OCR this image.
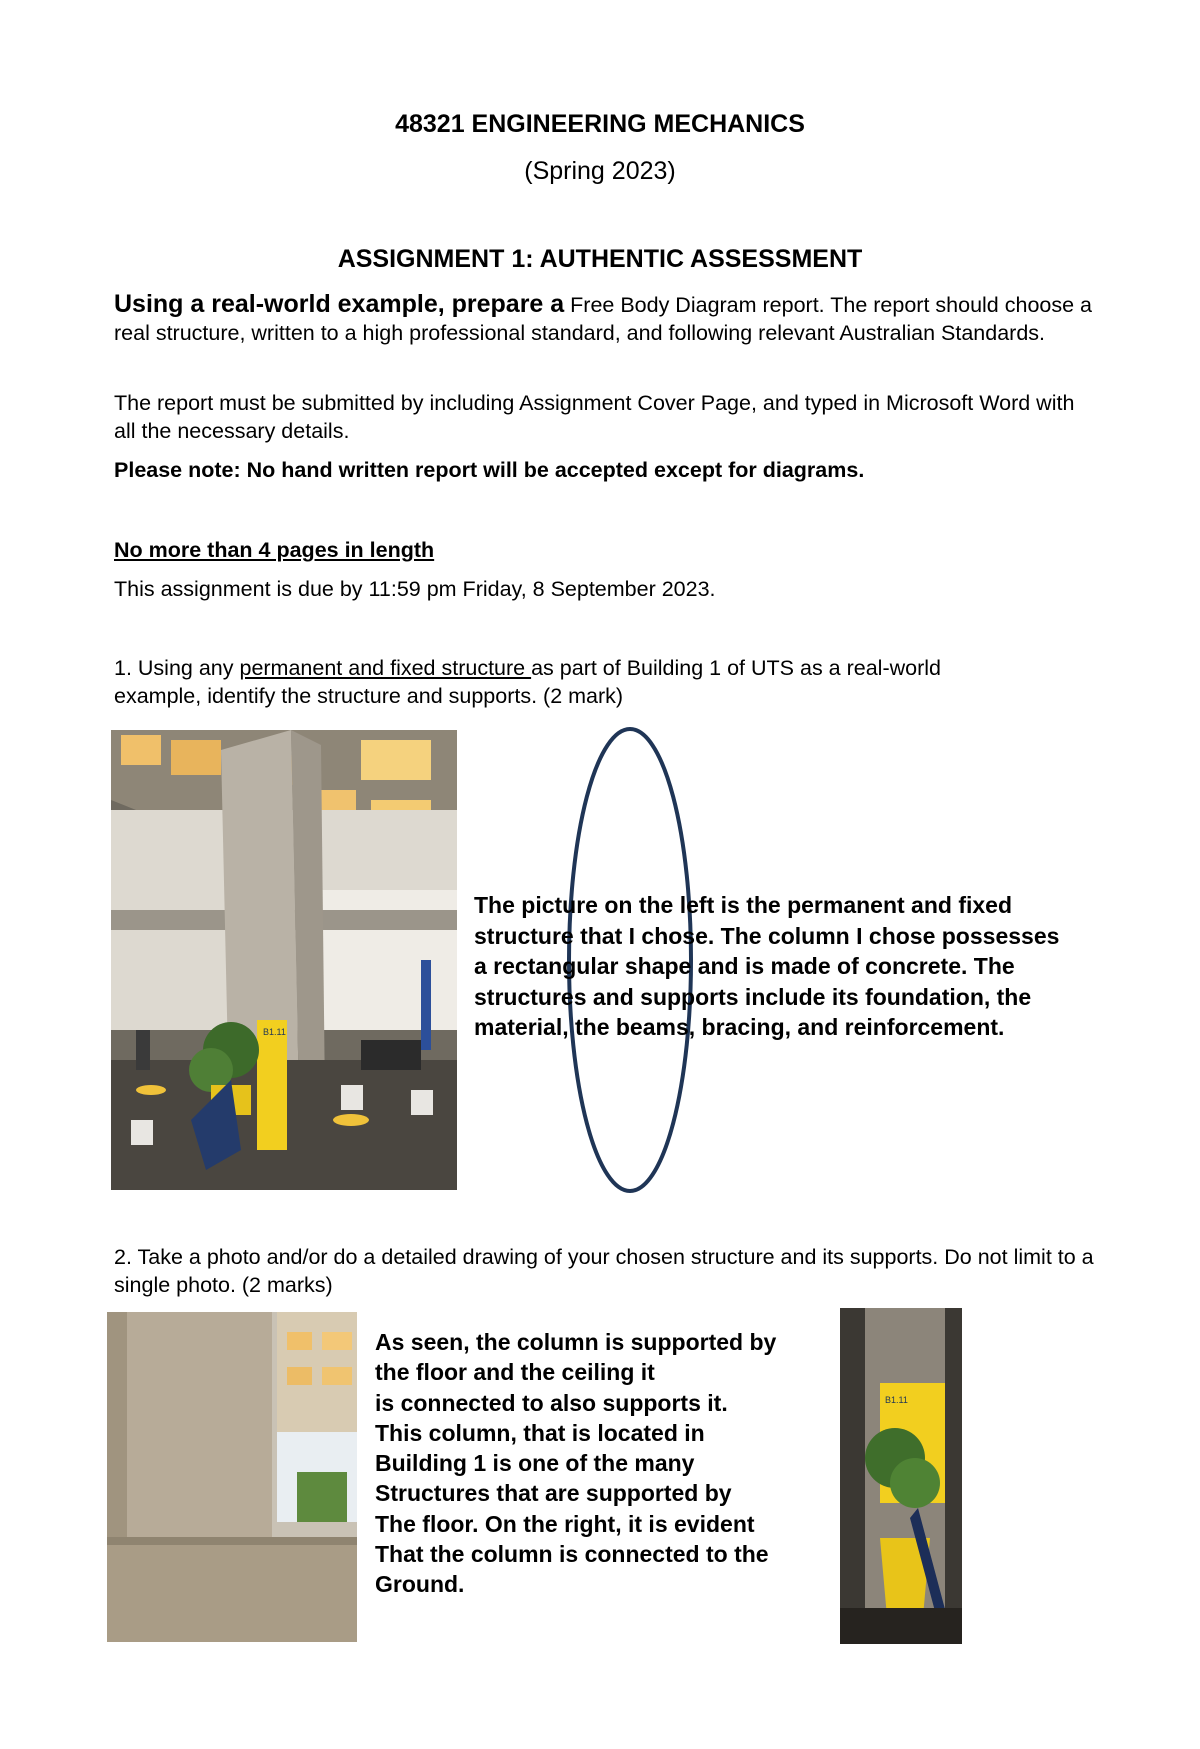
48321 ENGINEERING MECHANICS
(Spring 2023)
ASSIGNMENT 1: AUTHENTIC ASSESSMENT
Using a real-world example, prepare a Free Body Diagram report. The report should choose a real structure, written to a high professional standard, and following relevant Australian Standards.
The report must be submitted by including Assignment Cover Page, and typed in Microsoft Word with all the necessary details.
Please note: No hand written report will be accepted except for diagrams.
No more than 4 pages in length
This assignment is due by 11:59 pm Friday, 8 September 2023.
1. Using any permanent and fixed structure as part of Building 1 of UTS as a real-world example, identify the structure and supports. (2 mark)
B1.11
The picture on the left is the permanent and fixed
structure that I chose. The column I chose possesses
a rectangular shape and is made of concrete. The
structures and supports include its foundation, the
material, the beams, bracing, and reinforcement.
2. Take a photo and/or do a detailed drawing of your chosen structure and its supports. Do not limit to a single photo. (2 marks)
As seen, the column is supported by
the floor and the ceiling it
is connected to also supports it.
This column, that is located in
Building 1 is one of the many
Structures that are supported by
The floor. On the right, it is evident
That the column is connected to the
Ground.
B1.11
